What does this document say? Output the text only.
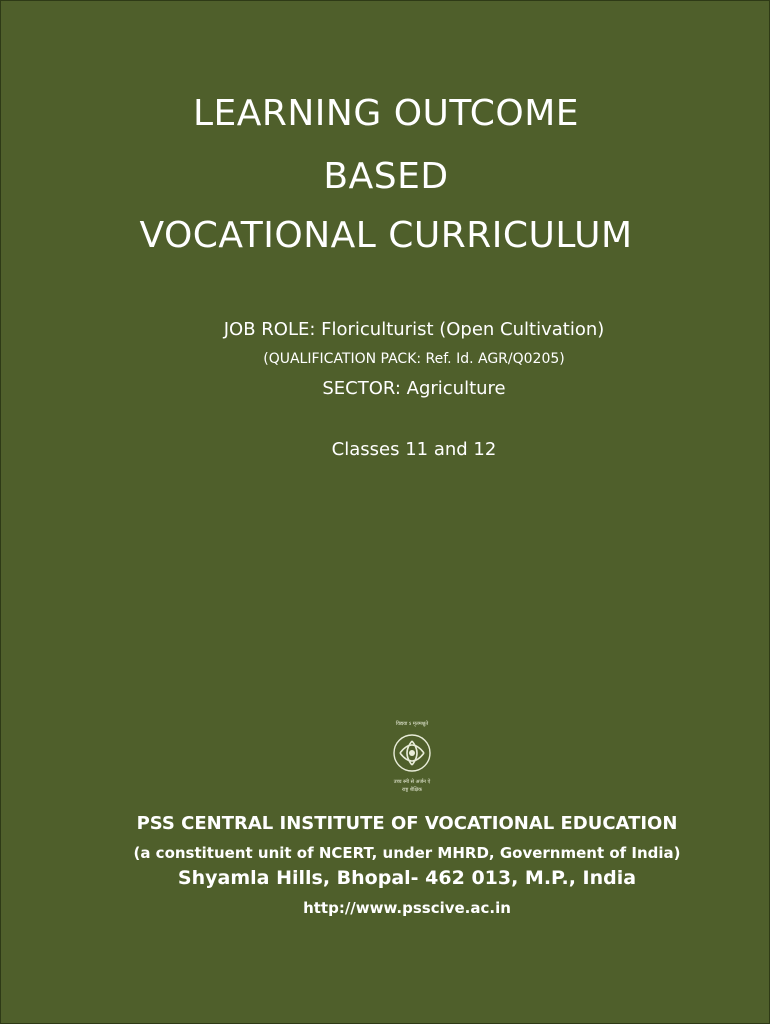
LEARNING OUTCOME
BASED
VOCATIONAL CURRICULUM
JOB ROLE: Floriculturist (Open Cultivation)
(QUALIFICATION PACK: Ref. Id. AGR/Q0205)
SECTOR: Agriculture
Classes 11 and 12
विद्यया ऽ मृतमश्नुते
उच्च स्नी से अर्जन ऐ
राष्ट्र शैक्षिक
PSS CENTRAL INSTITUTE OF VOCATIONAL EDUCATION
(a constituent unit of NCERT, under MHRD, Government of India)
Shyamla Hills, Bhopal- 462 013, M.P., India
http://www.psscive.ac.in
